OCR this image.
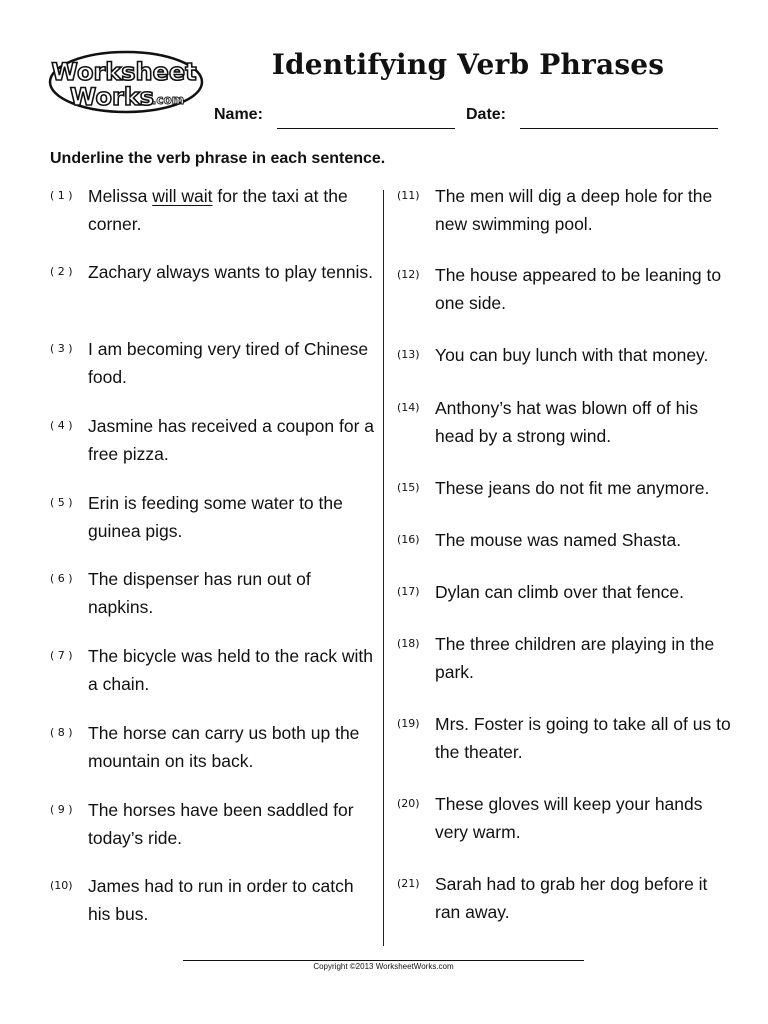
Worksheet
Works
.com
Identifying Verb Phrases
Name:	Date:
Underline the verb phrase in each sentence.
( 1 ) Melissa will wait for the taxi at the corner.
( 2 ) Zachary always wants to play tennis.
( 3 ) I am becoming very tired of Chinese food.
( 4 ) Jasmine has received a coupon for a free pizza.
( 5 ) Erin is feeding some water to the guinea pigs.
( 6 ) The dispenser has run out of napkins.
( 7 ) The bicycle was held to the rack with a chain.
( 8 ) The horse can carry us both up the mountain on its back.
( 9 ) The horses have been saddled for today’s ride.
(10) James had to run in order to catch his bus.
(11) The men will dig a deep hole for the new swimming pool.
(12) The house appeared to be leaning to one side.
(13) You can buy lunch with that money.
(14) Anthony’s hat was blown off of his head by a strong wind.
(15) These jeans do not fit me anymore.
(16) The mouse was named Shasta.
(17) Dylan can climb over that fence.
(18) The three children are playing in the park.
(19) Mrs. Foster is going to take all of us to the theater.
(20) These gloves will keep your hands very warm.
(21) Sarah had to grab her dog before it ran away.
Copyright ©2013 WorksheetWorks.com
